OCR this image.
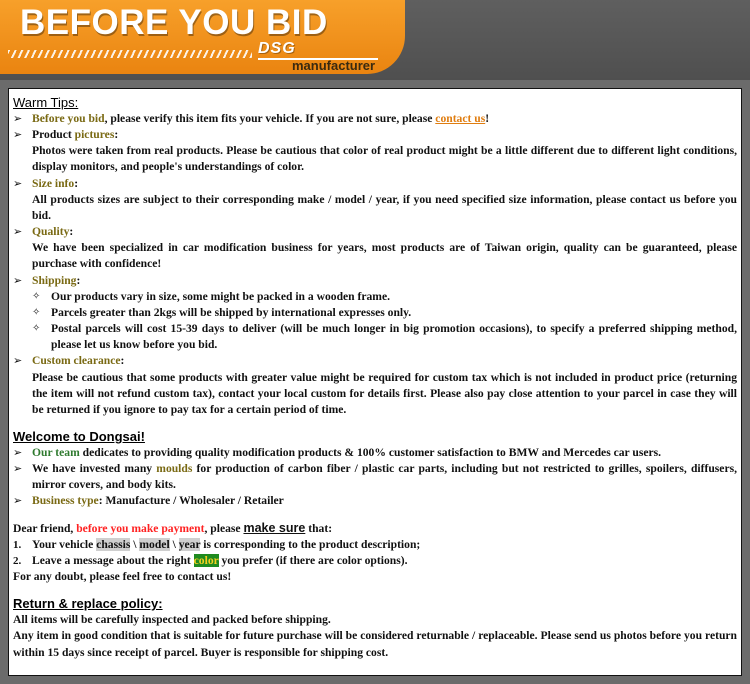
BEFORE YOU BID
DSG
manufacturer
Warm Tips:
➢ Before you bid, please verify this item fits your vehicle. If you are not sure, please contact us!
➢ Product pictures:
Photos were taken from real products. Please be cautious that color of real product might be a little different due to different light conditions, display monitors, and people's understandings of color.
➢ Size info:
All products sizes are subject to their corresponding make / model / year, if you need specified size information, please contact us before you bid.
➢ Quality:
We have been specialized in car modification business for years, most products are of Taiwan origin, quality can be guaranteed, please purchase with confidence!
➢ Shipping:
✧ Our products vary in size, some might be packed in a wooden frame.
✧ Parcels greater than 2kgs will be shipped by international expresses only.
✧ Postal parcels will cost 15-39 days to deliver (will be much longer in big promotion occasions), to specify a preferred shipping method, please let us know before you bid.
➢ Custom clearance:
Please be cautious that some products with greater value might be required for custom tax which is not included in product price (returning the item will not refund custom tax), contact your local custom for details first. Please also pay close attention to your parcel in case they will be returned if you ignore to pay tax for a certain period of time.
Welcome to Dongsai!
➢ Our team dedicates to providing quality modification products & 100% customer satisfaction to BMW and Mercedes car users.
➢ We have invested many moulds for production of carbon fiber / plastic car parts, including but not restricted to grilles, spoilers, diffusers, mirror covers, and body kits.
➢ Business type: Manufacture / Wholesaler / Retailer
Dear friend, before you make payment, please make sure that:
1. Your vehicle chassis \ model \ year is corresponding to the product description;
2. Leave a message about the right color you prefer (if there are color options).
For any doubt, please feel free to contact us!
Return & replace policy:
All items will be carefully inspected and packed before shipping.
Any item in good condition that is suitable for future purchase will be considered returnable / replaceable. Please send us photos before you return within 15 days since receipt of parcel. Buyer is responsible for shipping cost.
